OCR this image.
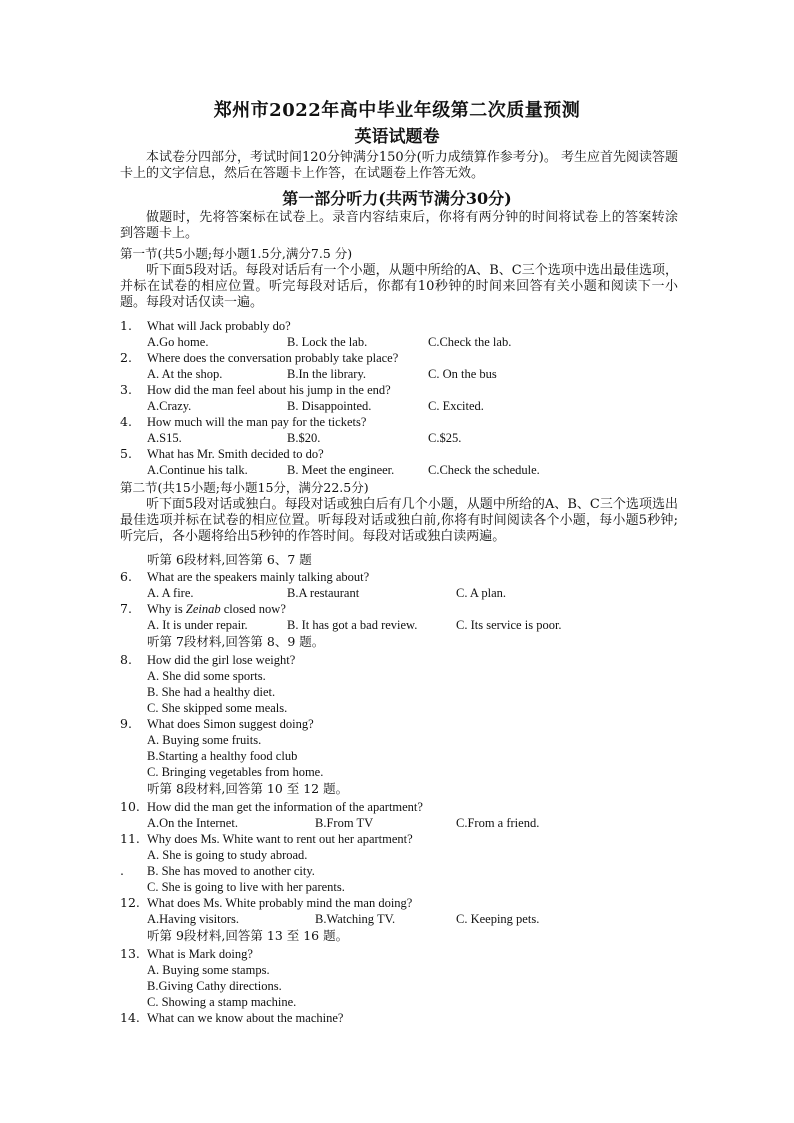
郑州市2022年高中毕业年级第二次质量预测
英语试题卷
本试卷分四部分，考试时间120分钟满分150分(听力成绩算作参考分)。 考生应首先阅读答题卡上的文字信息，然后在答题卡上作答，在试题卷上作答无效。
第一部分听力(共两节满分30分)
做题时，先将答案标在试卷上。录音内容结束后，你将有两分钟的时间将试卷上的答案转涂到答题卡上。
第一节(共5小题;每小题1.5分,满分7.5 分)
听下面5段对话。每段对话后有一个小题，从题中所给的A、B、C三个选项中选出最佳选项，并标在试卷的相应位置。听完每段对话后，你都有10秒钟的时间来回答有关小题和阅读下一小题。每段对话仅读一遍。
1. What will Jack probably do?
A.Go home.	B. Lock the lab.	C.Check the lab.
2. Where does the conversation probably take place?
A. At the shop.	B.In the library.	C. On the bus
3. How did the man feel about his jump in the end?
A.Crazy.	B. Disappointed.	C. Excited.
4. How much will the man pay for the tickets?
A.S15.	B.$20.	C.$25.
5. What has Mr. Smith decided to do?
A.Continue his talk.	B. Meet the engineer.	C.Check the schedule.
第二节(共15小题;每小题15分，满分22.5分)
听下面5段对话或独白。每段对话或独白后有几个小题，从题中所给的A、B、C三个选项选出最佳选项并标在试卷的相应位置。听每段对话或独白前,你将有时间阅读各个小题，每小题5秒钟;听完后，各小题将给出5秒钟的作答时间。每段对话或独白读两遍。
听第 6段材料,回答第 6、7 题
6. What are the speakers mainly talking about?
A. A fire.	B.A restaurant	C. A plan.
7. Why is Zeinab closed now?
A. It is under repair.	B. It has got a bad review.	C. Its service is poor.
听第 7段材料,回答第 8、9 题。
8. How did the girl lose weight?
A. She did some sports.
B. She had a healthy diet.
C. She skipped some meals.
9. What does Simon suggest doing?
A. Buying some fruits.
B.Starting a healthy food club
C. Bringing vegetables from home.
听第 8段材料,回答第 10 至 12 题。
10. How did the man get the information of the apartment?
A.On the Internet.	B.From TV	C.From a friend.
11. Why does Ms. White want to rent out her apartment?
A. She is going to study abroad.
. B. She has moved to another city.
C. She is going to live with her parents.
12. What does Ms. White probably mind the man doing?
A.Having visitors.	B.Watching TV.	C. Keeping pets.
听第 9段材料,回答第 13 至 16 题。
13. What is Mark doing?
A. Buying some stamps.
B.Giving Cathy directions.
C. Showing a stamp machine.
14. What can we know about the machine?
